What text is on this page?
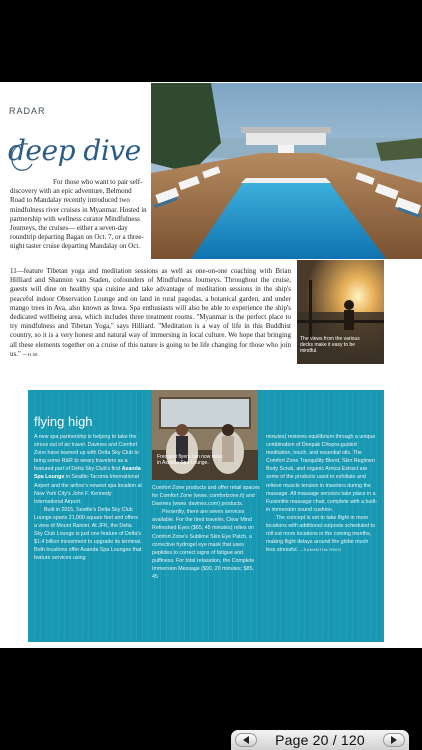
RADAR
deep dive

For those who want to pair self-discovery with an epic adventure, Belmond Road to Mandalay recently introduced two mindfulness river cruises in Myanmar. Hosted in partnership with wellness curator Mindfulness Journeys, the cruises— either a seven-day roundtrip departing Bagan on Oct. 7, or a three-night taster cruise departing Mandalay on Oct.

11—feature Tibetan yoga and meditation sessions as well as one-on-one coaching with Brian Hilliard and Shannon van Staden, cofounders of Mindfulness Journeys. Throughout the cruise, guests will dine on healthy spa cuisine and take advantage of meditation sessions in the ship's peaceful indoor Observation Lounge and on land in rural pagodas, a botanical garden, and under mango trees in Ava, also known as Inwa. Spa enthusiasts will also be able to experience the ship's dedicated wellbeing area, which includes three treatment rooms. "Myanmar is the perfect place to try mindfulness and Tibetan Yoga," says Hilliard. "Meditation is a way of life in this Buddhist country, so it is a very honest and natural way of immersing in local culture. We hope that bringing all these elements together on a cruise of this nature is going to be life changing for those who join us." —H.M.

The views from the various decks make it easy to be mindful.

flying high

Frequent flyers can now relax in Asanda Spa Lounge.

A new spa partnership is helping to take the stress out of air travel. Davines and Comfort Zone have teamed up with Delta Sky Club to bring some R&R to weary travelers as a featured part of Delta Sky Club's first Asanda Spa Lounge in Seattle-Tacoma International Airport and the airline's newest spa location at New York City's John F. Kennedy International Airport.

Built in 2015, Seattle's Delta Sky Club Lounge spans 21,000 square feet and offers a view of Mount Rainier. At JFK, the Delta Sky Club Lounge is just one feature of Delta's $1.4 billion investment to upgrade its terminal. Both locations offer Asanda Spa Lounges that feature services using

Comfort Zone products and offer retail spaces for Comfort Zone (www. comfortzone.it) and Davines (www. davines.com) products.

Presently, there are seven services available. For the tired traveler, Clear Mind Refreshed Eyes ($65, 45 minutes) relies on Comfort Zone's Sublime Skin Eye Patch, a corrective hydrogel eye mask that uses peptides to correct signs of fatigue and puffiness. For total relaxation, the Complete Immersion Message ($90, 20 minutes; $85, 45

minutes) restores equilibrium through a unique combination of Deepak Chopra-guided meditation, touch, and essential oils. The Comfort Zone Tranquility Blend, Skin Regimen Body Scrub, and organic Arnica Extract are some of the products used to exfoliate and relieve muscle tension in travelers during the massage. All massage services take place in a Fusionlite massage chair, complete with a built-in immersion sound cushion.

The concept is set to take flight in more locations with additional outposts scheduled to roll out more locations in the coming months, making flight delays around the globe much less stressful. —SAMANTHA REED

Page 20 / 120
